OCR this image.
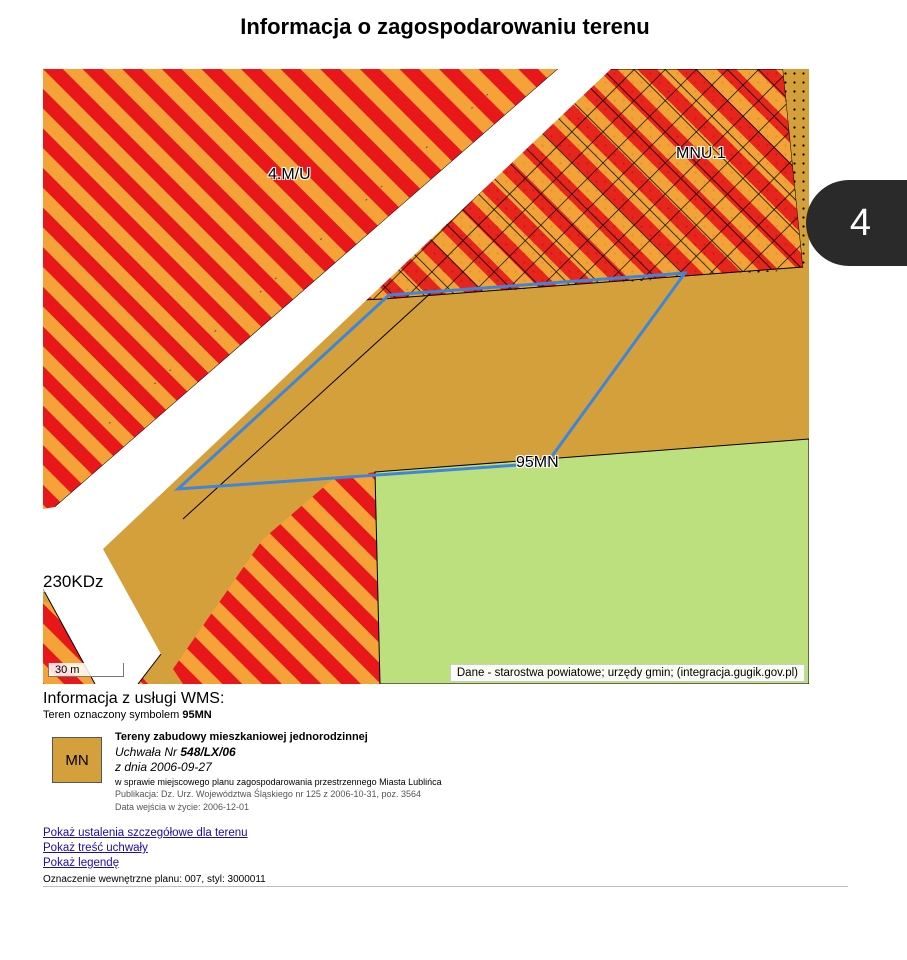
Informacja o zagospodarowaniu terenu
4.M/U
MNU.1
95MN
230KDz
30 m	Dane - starostwa powiatowe; urzędy gmin; (integracja.gugik.gov.pl)
4
Informacja z usługi WMS:
Teren oznaczony symbolem 95MN
MN
Tereny zabudowy mieszkaniowej jednorodzinnej
Uchwała Nr 548/LX/06
z dnia 2006-09-27
w sprawie miejscowego planu zagospodarowania przestrzennego Miasta Lublińca
Publikacja: Dz. Urz. Województwa Śląskiego nr 125 z 2006-10-31, poz. 3564
Data wejścia w życie: 2006-12-01
Pokaż ustalenia szczegółowe dla terenu
Pokaż treść uchwały
Pokaż legendę
Oznaczenie wewnętrzne planu: 007, styl: 3000011
